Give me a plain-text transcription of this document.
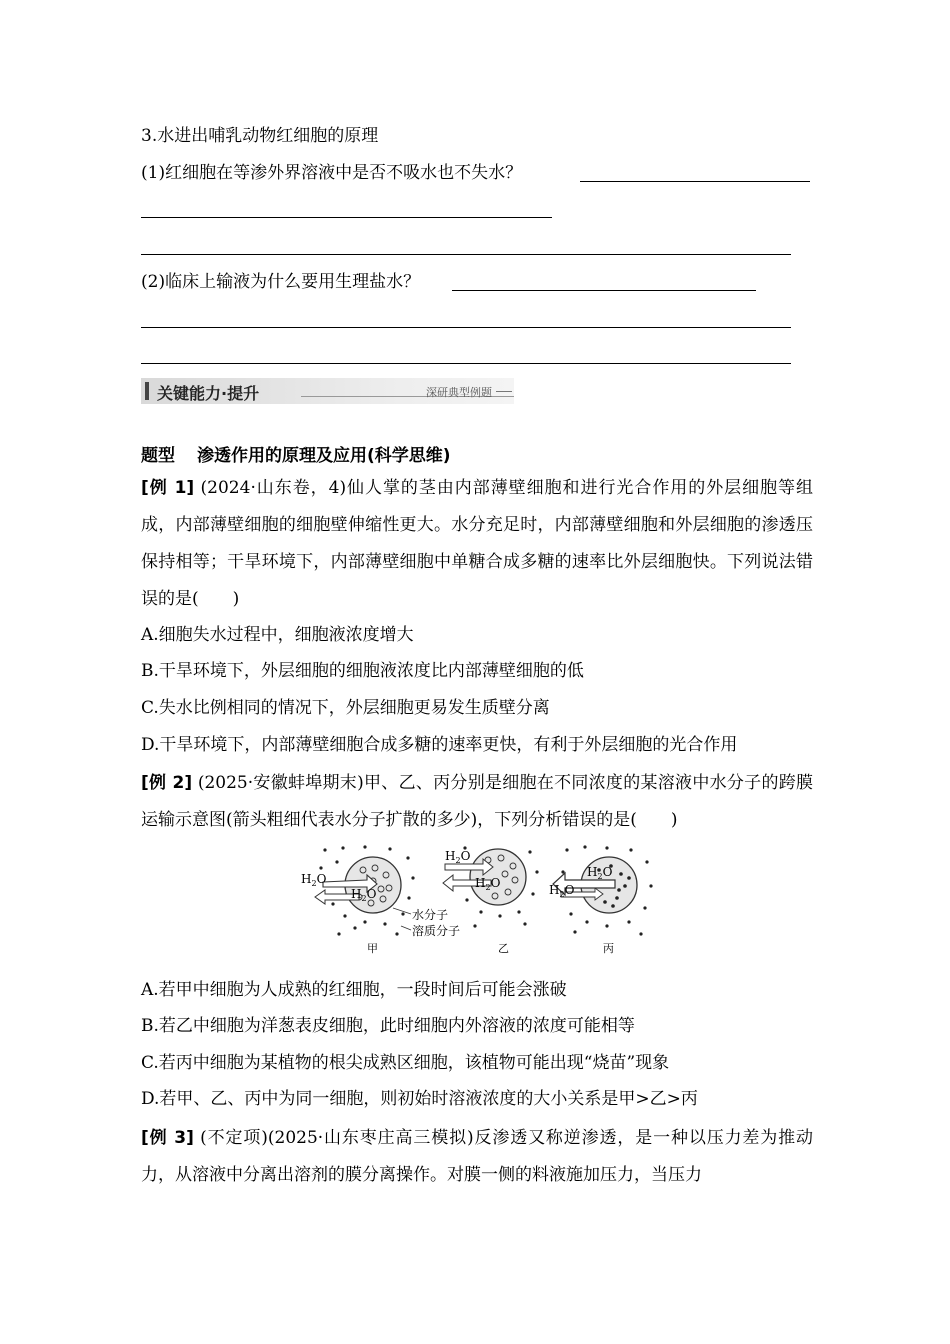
3.水进出哺乳动物红细胞的原理
(1)红细胞在等渗外界溶液中是否不吸水也不失水？
(2)临床上输液为什么要用生理盐水？
关键能力·提升	深研典型例题
题型 渗透作用的原理及应用(科学思维)
[例 1] (2024·山东卷，4)仙人掌的茎由内部薄壁细胞和进行光合作用的外层细胞等组成，内部薄壁细胞的细胞壁伸缩性更大。水分充足时，内部薄壁细胞和外层细胞的渗透压保持相等；干旱环境下，内部薄壁细胞中单糖合成多糖的速率比外层细胞快。下列说法错误的是(　　)
A.细胞失水过程中，细胞液浓度增大
B.干旱环境下，外层细胞的细胞液浓度比内部薄壁细胞的低
C.失水比例相同的情况下，外层细胞更易发生质壁分离
D.干旱环境下，内部薄壁细胞合成多糖的速率更快，有利于外层细胞的光合作用
[例 2] (2025·安徽蚌埠期末)甲、乙、丙分别是细胞在不同浓度的某溶液中水分子的跨膜运输示意图(箭头粗细代表水分子扩散的多少)，下列分析错误的是(　　)
$H_2O$
$H_2O$
甲
水分子
溶质分子
$H_2O$
$H_2O$
乙
$H_2O$
$H_2O$
丙
A.若甲中细胞为人成熟的红细胞，一段时间后可能会涨破
B.若乙中细胞为洋葱表皮细胞，此时细胞内外溶液的浓度可能相等
C.若丙中细胞为某植物的根尖成熟区细胞，该植物可能出现“烧苗”现象
D.若甲、乙、丙中为同一细胞，则初始时溶液浓度的大小关系是甲>乙>丙
[例 3] (不定项)(2025·山东枣庄高三模拟)反渗透又称逆渗透，是一种以压力差为推动力，从溶液中分离出溶剂的膜分离操作。对膜一侧的料液施加压力，当压力
